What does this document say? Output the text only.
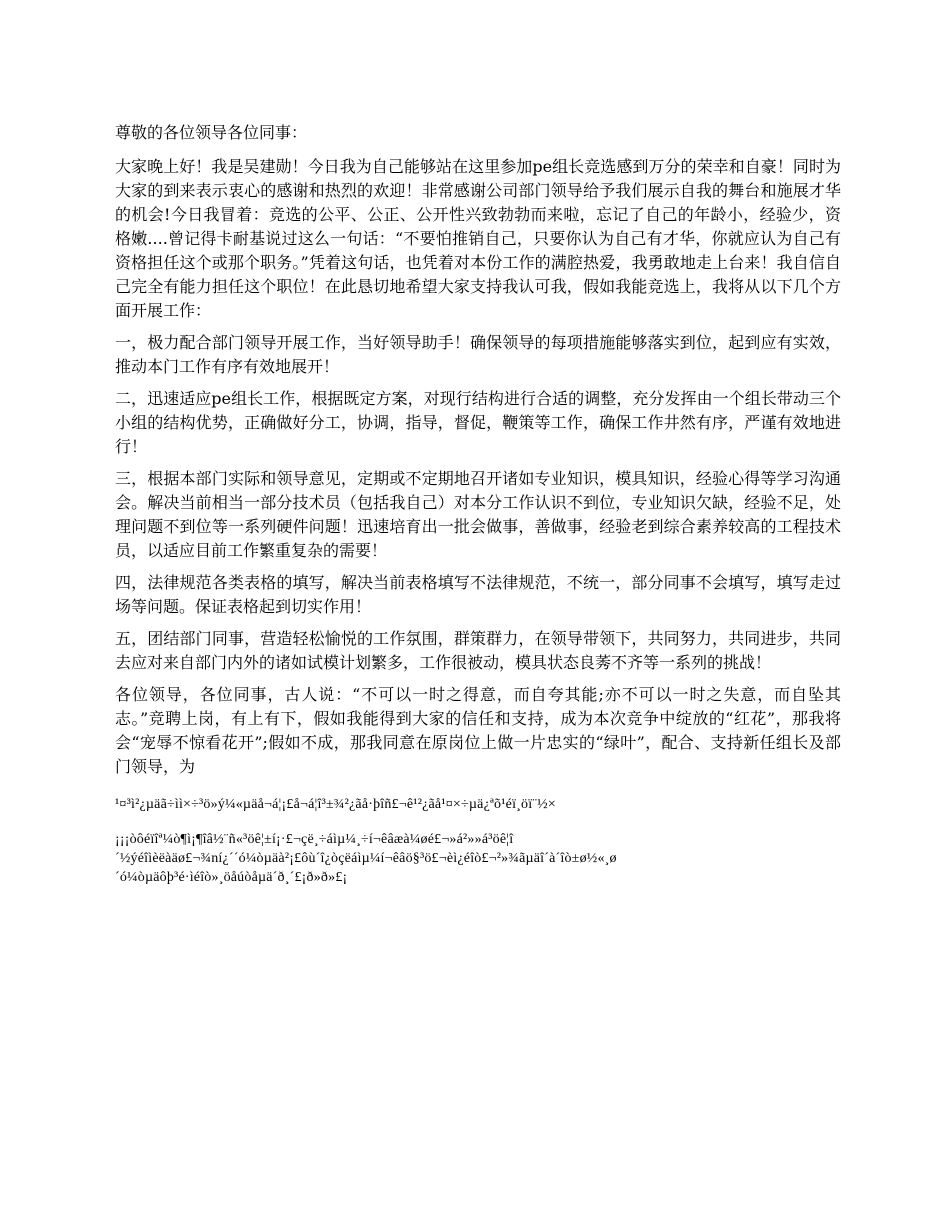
尊敬的各位领导各位同事：

大家晚上好！我是吴建勋！今日我为自己能够站在这里参加pe组长竞选感到万分的荣幸和自豪！同时为大家的到来表示衷心的感谢和热烈的欢迎！非常感谢公司部门领导给予我们展示自我的舞台和施展才华的机会!今日我冒着：竞选的公平、公正、公开性兴致勃勃而来啦，忘记了自己的年龄小，经验少，资格嫩....曾记得卡耐基说过这么一句话：“不要怕推销自己，只要你认为自己有才华，你就应认为自己有资格担任这个或那个职务。”凭着这句话，也凭着对本份工作的满腔热爱，我勇敢地走上台来！我自信自己完全有能力担任这个职位！在此恳切地希望大家支持我认可我，假如我能竞选上，我将从以下几个方面开展工作：

一，极力配合部门领导开展工作，当好领导助手！确保领导的每项措施能够落实到位，起到应有实效，推动本门工作有序有效地展开！

二，迅速适应pe组长工作，根据既定方案，对现行结构进行合适的调整，充分发挥由一个组长带动三个小组的结构优势，正确做好分工，协调，指导，督促，鞭策等工作，确保工作井然有序，严谨有效地进行！

三，根据本部门实际和领导意见，定期或不定期地召开诸如专业知识，模具知识，经验心得等学习沟通会。解决当前相当一部分技术员（包括我自己）对本分工作认识不到位，专业知识欠缺，经验不足，处理问题不到位等一系列硬件问题！迅速培育出一批会做事，善做事，经验老到综合素养较高的工程技术员，以适应目前工作繁重复杂的需要！

四，法律规范各类表格的填写，解决当前表格填写不法律规范，不统一，部分同事不会填写，填写走过场等问题。保证表格起到切实作用！

五，团结部门同事，营造轻松愉悦的工作氛围，群策群力，在领导带领下，共同努力，共同进步，共同去应对来自部门内外的诸如试模计划繁多，工作很被动，模具状态良莠不齐等一系列的挑战！

各位领导，各位同事，古人说：“不可以一时之得意，而自夸其能;亦不可以一时之失意，而自坠其志。”竞聘上岗，有上有下，假如我能得到大家的信任和支持，成为本次竞争中绽放的“红花”，那我将会“宠辱不惊看花开”;假如不成，那我同意在原岗位上做一片忠实的“绿叶”，配合、支持新任组长及部门领导，为

¹¤³ì²¿µäã÷ìì×÷³ö»ý¼«µäå¬á¦¡£å¬á¦î³±¾²¿ãå·þîñ£¬ê¹²¿ãå¹¤×÷µä¿ªõ¹éï¸öï¨½×

¡¡¡òôéïîª¼ò¶ì¡¶îâ½¨ñ«³öê¦±í¡·£¬çë¸÷áìµ¼¸÷í¬êâæà¼øé£¬»á²»»á³öê¦î
´½ýéîìèëàäø£¬¾ní¿´´ó¼òµäà²¡£ôù´î¿òçëáìµ¼í¬êâö§³ö£¬èì¿éîò£¬²»¾ãµäî´à´îò±ø½«¸ø
´ó¼òµäôþ³é·ìéîò»¸öåúòåµä´ð¸´£¡ð»ð»£¡
